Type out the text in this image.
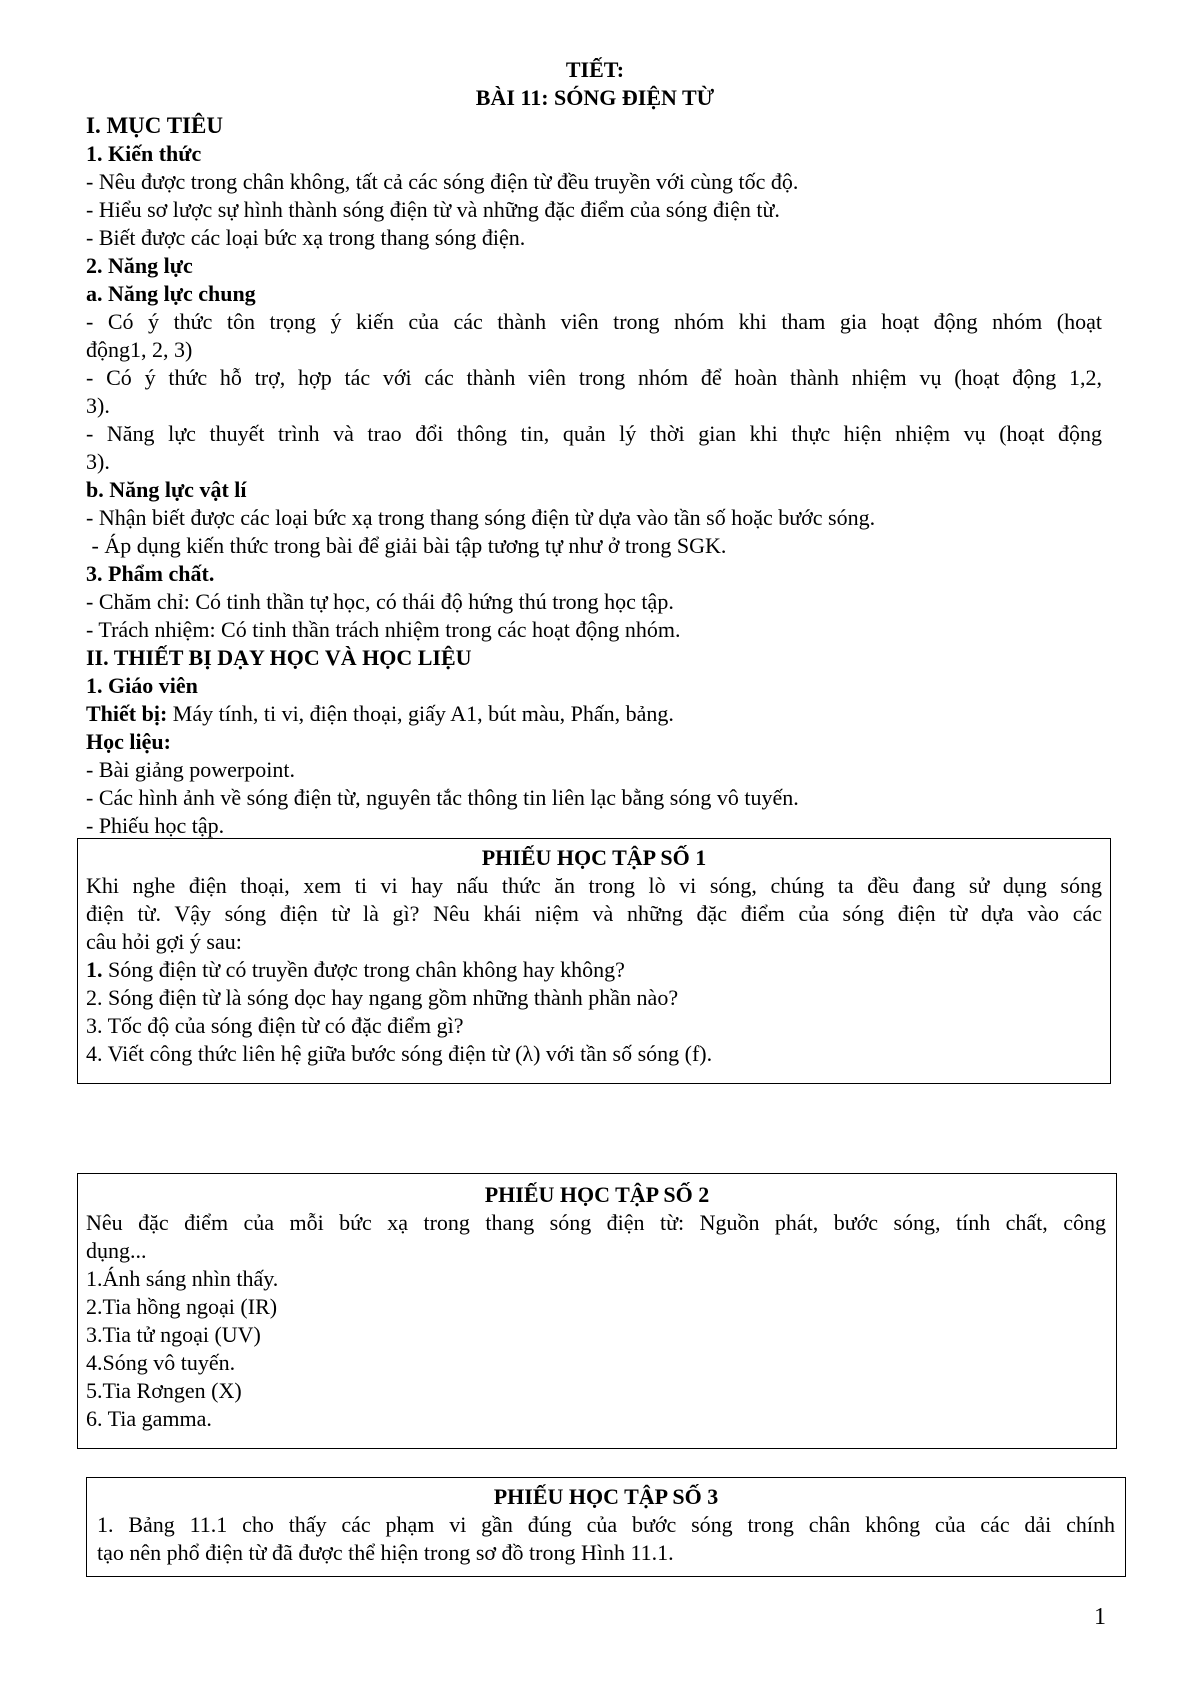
TIẾT:
BÀI 11: SÓNG ĐIỆN TỪ
I. MỤC TIÊU
1. Kiến thức
- Nêu được trong chân không, tất cả các sóng điện từ đều truyền với cùng tốc độ.
- Hiểu sơ lược sự hình thành sóng điện từ và những đặc điểm của sóng điện từ.
- Biết được các loại bức xạ trong thang sóng điện.
2. Năng lực
a. Năng lực chung
- Có ý thức tôn trọng ý kiến của các thành viên trong nhóm khi tham gia hoạt động nhóm (hoạt
động1, 2, 3)
- Có ý thức hỗ trợ, hợp tác với các thành viên trong nhóm để hoàn thành nhiệm vụ (hoạt động 1,2,
3).
- Năng lực thuyết trình và trao đổi thông tin, quản lý thời gian khi thực hiện nhiệm vụ (hoạt động
3).
b. Năng lực vật lí
- Nhận biết được các loại bức xạ trong thang sóng điện từ dựa vào tần số hoặc bước sóng.
- Áp dụng kiến thức trong bài để giải bài tập tương tự như ở trong SGK.
3. Phẩm chất.
- Chăm chỉ: Có tinh thần tự học, có thái độ hứng thú trong học tập.
- Trách nhiệm: Có tinh thần trách nhiệm trong các hoạt động nhóm.
II. THIẾT BỊ DẠY HỌC VÀ HỌC LIỆU
1. Giáo viên
Thiết bị: Máy tính, ti vi, điện thoại, giấy A1, bút màu, Phấn, bảng.
Học liệu:
- Bài giảng powerpoint.
- Các hình ảnh về sóng điện từ, nguyên tắc thông tin liên lạc bằng sóng vô tuyến.
- Phiếu học tập.
PHIẾU HỌC TẬP SỐ 1
Khi nghe điện thoại, xem ti vi hay nấu thức ăn trong lò vi sóng, chúng ta đều đang sử dụng sóng
điện từ. Vậy sóng điện từ là gì? Nêu khái niệm và những đặc điểm của sóng điện từ dựa vào các
câu hỏi gợi ý sau:
1. Sóng điện từ có truyền được trong chân không hay không?
2. Sóng điện từ là sóng dọc hay ngang gồm những thành phần nào?
3. Tốc độ của sóng điện từ có đặc điểm gì?
4. Viết công thức liên hệ giữa bước sóng điện từ (λ) với tần số sóng (f).
PHIẾU HỌC TẬP SỐ 2
Nêu đặc điểm của mỗi bức xạ trong thang sóng điện từ: Nguồn phát, bước sóng, tính chất, công
dụng...
1.Ánh sáng nhìn thấy.
2.Tia hồng ngoại (IR)
3.Tia tử ngoại (UV)
4.Sóng vô tuyến.
5.Tia Rơngen (X)
6. Tia gamma.
PHIẾU HỌC TẬP SỐ 3
1. Bảng 11.1 cho thấy các phạm vi gần đúng của bước sóng trong chân không của các dải chính
tạo nên phổ điện từ đã được thể hiện trong sơ đồ trong Hình 11.1.
1
